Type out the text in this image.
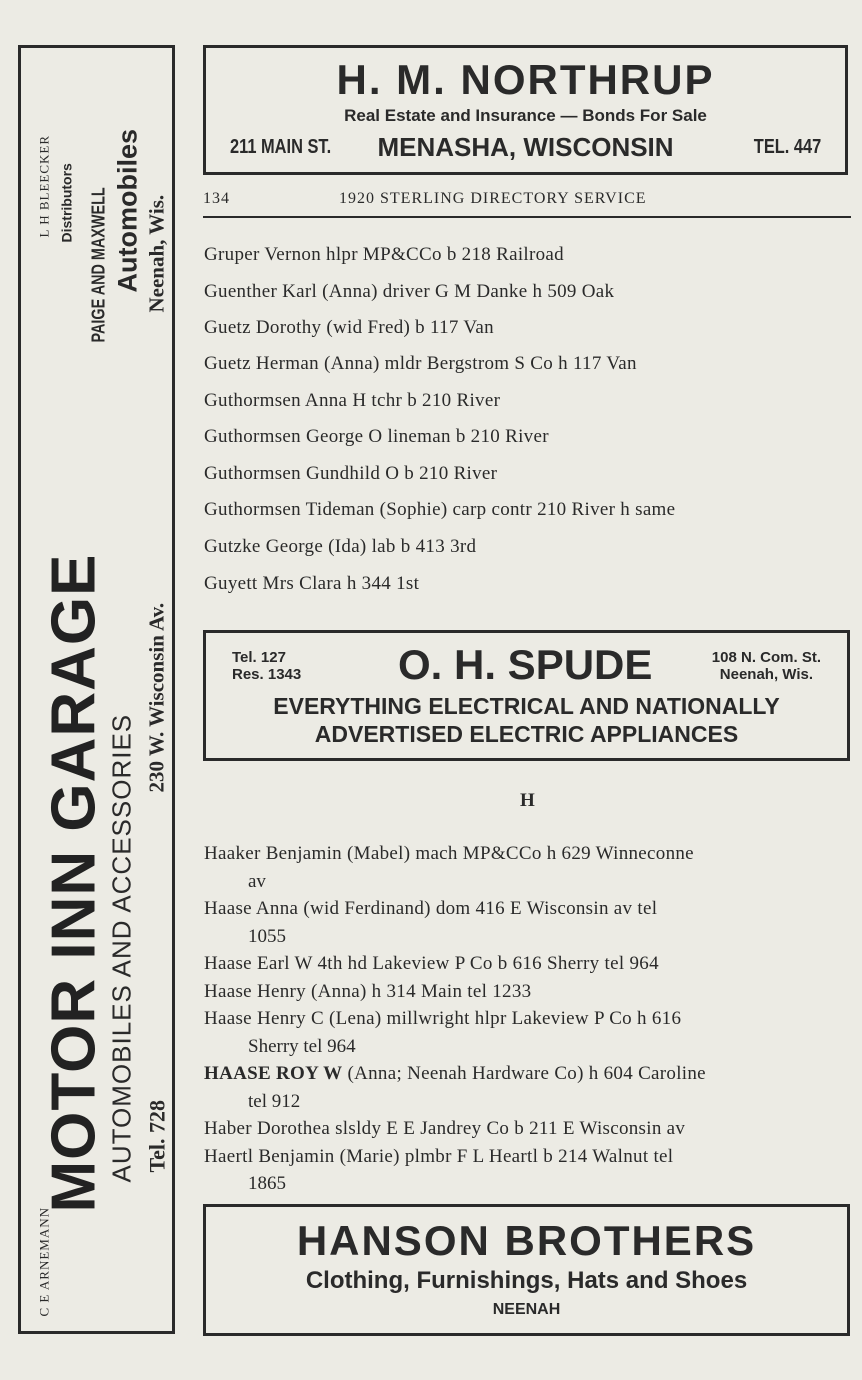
C E ARNEMANN
L H BLEECKER
MOTOR INN GARAGE
Distributors PAIGE AND MAXWELL Automobiles
AUTOMOBILES AND ACCESSORIES Tel. 728
230 W. Wisconsin Av.
Neenah, Wis.
H. M. NORTHRUP
Real Estate and Insurance — Bonds For Sale
211 MAIN ST.	MENASHA, WISCONSIN	TEL. 447
134	1920 STERLING DIRECTORY SERVICE
Gruper Vernon hlpr MP&CCo b 218 Railroad
Guenther Karl (Anna) driver G M Danke h 509 Oak
Guetz Dorothy (wid Fred) b 117 Van
Guetz Herman (Anna) mldr Bergstrom S Co h 117 Van
Guthormsen Anna H tchr b 210 River
Guthormsen George O lineman b 210 River
Guthormsen Gundhild O b 210 River
Guthormsen Tideman (Sophie) carp contr 210 River h same
Gutzke George (Ida) lab b 413 3rd
Guyett Mrs Clara h 344 1st
Tel. 127
Res. 1343 O. H. SPUDE	108 N. Com. St.
Neenah, Wis.
EVERYTHING ELECTRICAL AND NATIONALLY
ADVERTISED ELECTRIC APPLIANCES
H
Haaker Benjamin (Mabel) mach MP&CCo h 629 Winneconne
av
Haase Anna (wid Ferdinand) dom 416 E Wisconsin av tel
1055
Haase Earl W 4th hd Lakeview P Co b 616 Sherry tel 964
Haase Henry (Anna) h 314 Main tel 1233
Haase Henry C (Lena) millwright hlpr Lakeview P Co h 616
Sherry tel 964
HAASE ROY W (Anna; Neenah Hardware Co) h 604 Caroline
tel 912
Haber Dorothea slsldy E E Jandrey Co b 211 E Wisconsin av
Haertl Benjamin (Marie) plmbr F L Heartl b 214 Walnut tel
1865
HANSON BROTHERS
Clothing, Furnishings, Hats and Shoes
NEENAH
